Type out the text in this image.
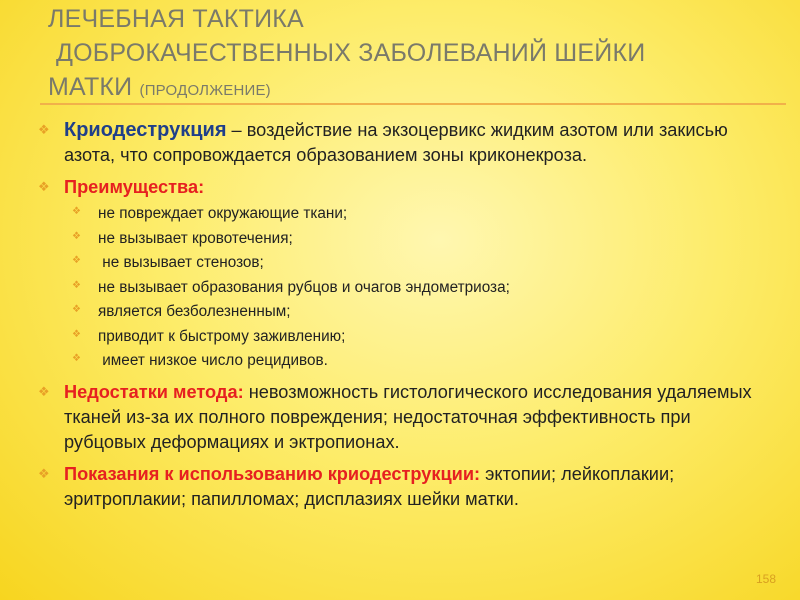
ЛЕЧЕБНАЯ ТАКТИКА
ДОБРОКАЧЕСТВЕННЫХ ЗАБОЛЕВАНИЙ ШЕЙКИ
МАТКИ (ПРОДОЛЖЕНИЕ)
❖ Криодеструкция – воздействие на экзоцервикс жидким азотом или закисью азота, что сопровождается образованием зоны криконекроза.
❖ Преимущества:
❖ не повреждает окружающие ткани;
❖ не вызывает кровотечения;
❖ не вызывает стенозов;
❖ не вызывает образования рубцов и очагов эндометриоза;
❖ является безболезненным;
❖ приводит к быстрому заживлению;
❖ имеет низкое число рецидивов.
❖ Недостатки метода: невозможность гистологического исследования удаляемых тканей из-за их полного повреждения; недостаточная эффективность при рубцовых деформациях и эктропионах.
❖ Показания к использованию криодеструкции: эктопии; лейкоплакии; эритроплакии; папилломах; дисплазиях шейки матки.
158
